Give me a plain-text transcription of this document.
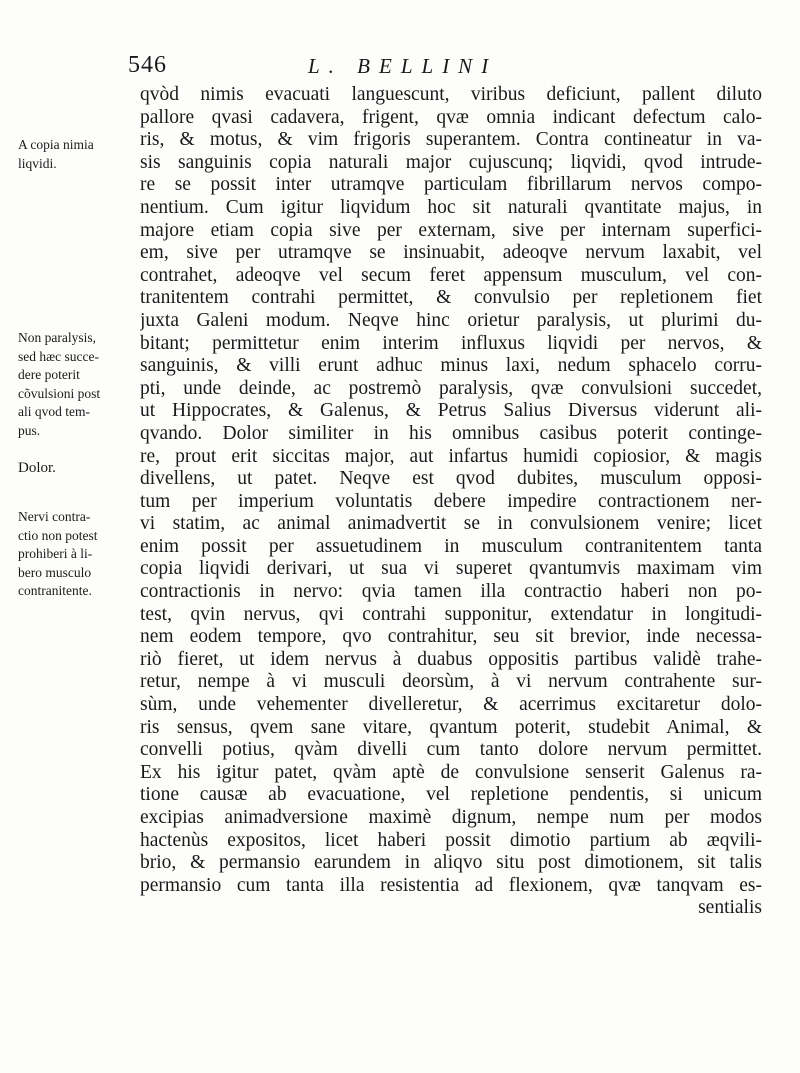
546	L. BELLINI
A copia nimia
liqvidi.
Non paralysis,
sed hæc succe-
dere poterit
cõvulsioni post
ali qvod tem-
pus.
Dolor.
Nervi contra-
ctio non potest
prohiberi à li-
bero musculo
contranitente.
qvòd nimis evacuati languescunt, viribus deficiunt, pallent diluto
pallore qvasi cadavera, frigent, qvæ omnia indicant defectum calo-
ris, & motus, & vim frigoris superantem. Contra contineatur in va-
sis sanguinis copia naturali major cujuscunq; liqvidi, qvod intrude-
re se possit inter utramqve particulam fibrillarum nervos compo-
nentium. Cum igitur liqvidum hoc sit naturali qvantitate majus, in
majore etiam copia sive per externam, sive per internam superfici-
em, sive per utramqve se insinuabit, adeoqve nervum laxabit, vel
contrahet, adeoqve vel secum feret appensum musculum, vel con-
tranitentem contrahi permittet, & convulsio per repletionem fiet
juxta Galeni modum. Neqve hinc orietur paralysis, ut plurimi du-
bitant; permittetur enim interim influxus liqvidi per nervos, &
sanguinis, & villi erunt adhuc minus laxi, nedum sphacelo corru-
pti, unde deinde, ac postremò paralysis, qvæ convulsioni succedet,
ut Hippocrates, & Galenus, & Petrus Salius Diversus viderunt ali-
qvando. Dolor similiter in his omnibus casibus poterit continge-
re, prout erit siccitas major, aut infartus humidi copiosior, & magis
divellens, ut patet. Neqve est qvod dubites, musculum opposi-
tum per imperium voluntatis debere impedire contractionem ner-
vi statim, ac animal animadvertit se in convulsionem venire; licet
enim possit per assuetudinem in musculum contranitentem tanta
copia liqvidi derivari, ut sua vi superet qvantumvis maximam vim
contractionis in nervo: qvia tamen illa contractio haberi non po-
test, qvin nervus, qvi contrahi supponitur, extendatur in longitudi-
nem eodem tempore, qvo contrahitur, seu sit brevior, inde necessa-
riò fieret, ut idem nervus à duabus oppositis partibus validè trahe-
retur, nempe à vi musculi deorsùm, à vi nervum contrahente sur-
sùm, unde vehementer divelleretur, & acerrimus excitaretur dolo-
ris sensus, qvem sane vitare, qvantum poterit, studebit Animal, &
convelli potius, qvàm divelli cum tanto dolore nervum permittet.
Ex his igitur patet, qvàm aptè de convulsione senserit Galenus ra-
tione causæ ab evacuatione, vel repletione pendentis, si unicum
excipias animadversione maximè dignum, nempe num per modos
hactenùs expositos, licet haberi possit dimotio partium ab æqvili-
brio, & permansio earundem in aliqvo situ post dimotionem, sit talis
permansio cum tanta illa resistentia ad flexionem, qvæ tanqvam es-
sentialis
